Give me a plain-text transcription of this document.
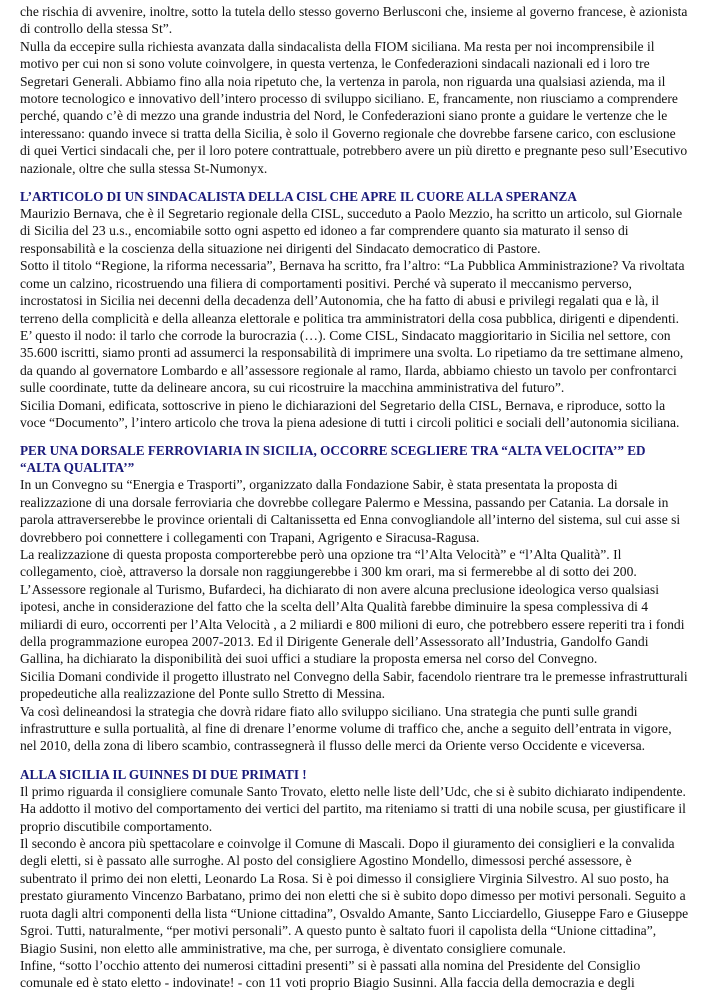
che rischia di avvenire, inoltre, sotto la tutela dello stesso governo Berlusconi che, insieme al governo francese, è azionista di controllo della stessa St”.

Nulla da eccepire sulla richiesta avanzata dalla sindacalista della FIOM siciliana. Ma resta per noi incomprensibile il motivo per cui non si sono volute coinvolgere, in questa vertenza, le Confederazioni sindacali nazionali ed i loro tre Segretari Generali. Abbiamo fino alla noia ripetuto che, la vertenza in parola, non riguarda una qualsiasi azienda, ma il motore tecnologico e innovativo dell’intero processo di sviluppo siciliano. E, francamente, non riusciamo a comprendere perché, quando c’è di mezzo una grande industria del Nord, le Confederazioni siano pronte a guidare le vertenze che le interessano: quando invece si tratta della Sicilia, è solo il Governo regionale che dovrebbe farsene carico, con esclusione di quei Vertici sindacali che, per il loro potere contrattuale, potrebbero avere un più diretto e pregnante peso sull’Esecutivo nazionale, oltre che sulla stessa St-Numonyx.

L’ARTICOLO DI UN SINDACALISTA DELLA CISL CHE APRE IL CUORE ALLA SPERANZA

Maurizio Bernava, che è il Segretario regionale della CISL, succeduto a Paolo Mezzio, ha scritto un articolo, sul Giornale di Sicilia del 23 u.s., encomiabile sotto ogni aspetto ed idoneo a far comprendere quanto sia maturato il senso di responsabilità e la coscienza della situazione nei dirigenti del Sindacato democratico di Pastore.

Sotto il titolo “Regione, la riforma necessaria”, Bernava ha scritto, fra l’altro: “La Pubblica Amministrazione? Va rivoltata come un calzino, ricostruendo una filiera di comportamenti positivi. Perché và superato il meccanismo perverso, incrostatosi in Sicilia nei decenni della decadenza dell’Autonomia, che ha fatto di abusi e privilegi regalati qua e là, il terreno della complicità e della alleanza elettorale e politica tra amministratori della cosa pubblica, dirigenti e dipendenti. E’ questo il nodo: il tarlo che corrode la burocrazia (…). Come CISL, Sindacato maggioritario in Sicilia nel settore, con 35.600 iscritti, siamo pronti ad assumerci la responsabilità di imprimere una svolta. Lo ripetiamo da tre settimane almeno, da quando al governatore Lombardo e all’assessore regionale al ramo, Ilarda, abbiamo chiesto un tavolo per confrontarci sulle coordinate, tutte da delineare ancora, su cui ricostruire la macchina amministrativa del futuro”.

Sicilia Domani, edificata, sottoscrive in pieno le dichiarazioni del Segretario della CISL, Bernava, e riproduce, sotto la voce “Documento”, l’intero articolo che trova la piena adesione di tutti i circoli politici e sociali dell’autonomia siciliana.

PER UNA DORSALE FERROVIARIA IN SICILIA, OCCORRE SCEGLIERE TRA “ALTA VELOCITA’” ED “ALTA QUALITA’”

In un Convegno su “Energia e Trasporti”, organizzato dalla Fondazione Sabir, è stata presentata la proposta di realizzazione di una dorsale ferroviaria che dovrebbe collegare Palermo e Messina, passando per Catania. La dorsale in parola attraverserebbe le province orientali di Caltanissetta ed Enna convogliandole all’interno del sistema, sul cui asse si dovrebbero poi connettere i collegamenti con Trapani, Agrigento e Siracusa-Ragusa.

La realizzazione di questa proposta comporterebbe però una opzione tra “l’Alta Velocità” e “l’Alta Qualità”. Il collegamento, cioè, attraverso la dorsale non raggiungerebbe i 300 km orari, ma si fermerebbe al di sotto dei 200.

L’Assessore regionale al Turismo, Bufardeci, ha dichiarato di non avere alcuna preclusione ideologica verso qualsiasi ipotesi, anche in considerazione del fatto che la scelta dell’Alta Qualità farebbe diminuire la spesa complessiva di 4 miliardi di euro, occorrenti per l’Alta Velocità , a 2 miliardi e 800 milioni di euro, che potrebbero essere reperiti tra i fondi della programmazione europea 2007-2013. Ed il Dirigente Generale dell’Assessorato all’Industria, Gandolfo Gandi Gallina, ha dichiarato la disponibilità dei suoi uffici a studiare la proposta emersa nel corso del Convegno.

Sicilia Domani condivide il progetto illustrato nel Convegno della Sabir, facendolo rientrare tra le premesse infrastrutturali propedeutiche alla realizzazione del Ponte sullo Stretto di Messina.

Va così delineandosi la strategia che dovrà ridare fiato allo sviluppo siciliano. Una strategia che punti sulle grandi infrastrutture e sulla portualità, al fine di drenare l’enorme volume di traffico che, anche a seguito dell’entrata in vigore, nel 2010, della zona di libero scambio, contrassegnerà il flusso delle merci da Oriente verso Occidente e viceversa.

ALLA SICILIA IL GUINNES DI DUE PRIMATI !

Il primo riguarda il consigliere comunale Santo Trovato, eletto nelle liste dell’Udc, che si è subito dichiarato indipendente. Ha addotto il motivo del comportamento dei vertici del partito, ma riteniamo si tratti di una nobile scusa, per giustificare il proprio discutibile comportamento.

Il secondo è ancora più spettacolare e coinvolge il Comune di Mascali. Dopo il giuramento dei consiglieri e la convalida degli eletti, si è passato alle surroghe. Al posto del consigliere Agostino Mondello, dimessosi perché assessore, è subentrato il primo dei non eletti, Leonardo La Rosa. Si è poi dimesso il consigliere Virginia Silvestro. Al suo posto, ha prestato giuramento Vincenzo Barbatano, primo dei non eletti che si è subito dopo dimesso per motivi personali. Seguito a ruota dagli altri componenti della lista “Unione cittadina”, Osvaldo Amante, Santo Licciardello, Giuseppe Faro e Giuseppe Sgroi. Tutti, naturalmente, “per motivi personali”. A questo punto è saltato fuori il capolista della “Unione cittadina”, Biagio Susini, non eletto alle amministrative, ma che, per surroga, è diventato consigliere comunale.

Infine, “sotto l’occhio attento dei numerosi cittadini presenti” si è passati alla nomina del Presidente del Consiglio comunale ed è stato eletto - indovinate! - con 11 voti proprio Biagio Susinni. Alla faccia della democrazia e degli
